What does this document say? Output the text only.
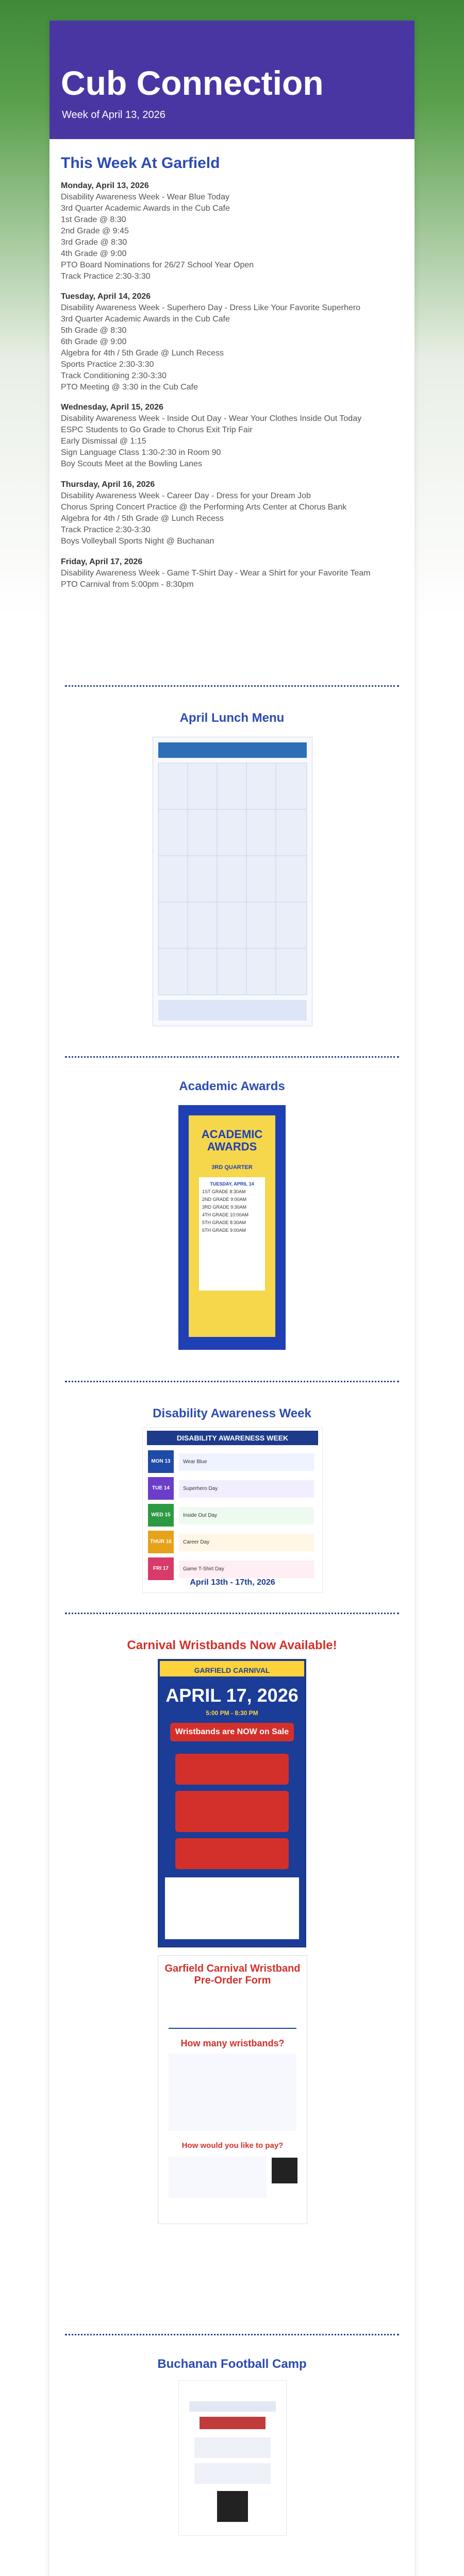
Cub Connection
Week of April 13, 2026
This Week At Garfield
Monday, April 13, 2026
Disability Awareness Week - Wear Blue Today
3rd Quarter Academic Awards in the Cub Cafe
1st Grade @ 8:30
2nd Grade @ 9:45
3rd Grade @ 8:30
4th Grade @ 9:00
PTO Board Nominations for 26/27 School Year Open
Track Practice 2:30-3:30
Tuesday, April 14, 2026
Disability Awareness Week - Superhero Day - Dress Like Your Favorite Superhero
3rd Quarter Academic Awards in the Cub Cafe
5th Grade @ 8:30
6th Grade @ 9:00
Algebra for 4th / 5th Grade @ Lunch Recess
Sports Practice 2:30-3:30
Track Conditioning 2:30-3:30
PTO Meeting @ 3:30 in the Cub Cafe
Wednesday, April 15, 2026
Disability Awareness Week - Inside Out Day - Wear Your Clothes Inside Out Today
ESPC Students to Go Grade to Chorus Exit Trip Fair
Early Dismissal @ 1:15
Sign Language Class 1:30-2:30 in Room 90
Boy Scouts Meet at the Bowling Lanes
Thursday, April 16, 2026
Disability Awareness Week - Career Day - Dress for your Dream Job
Chorus Spring Concert Practice @ the Performing Arts Center at Chorus Bank
Algebra for 4th / 5th Grade @ Lunch Recess
Track Practice 2:30-3:30
Boys Volleyball Sports Night @ Buchanan
Friday, April 17, 2026
Disability Awareness Week - Game T-Shirt Day - Wear a Shirt for your Favorite Team
PTO Carnival from 5:00pm - 8:30pm
April Lunch Menu
Academic Awards
ACADEMIC AWARDS
3RD QUARTER
TUESDAY, APRIL 14
1ST GRADE 8:30AM
2ND GRADE 9:00AM
3RD GRADE 9:30AM
4TH GRADE 10:00AM
5TH GRADE 8:30AM
6TH GRADE 9:00AM
Disability Awareness Week
DISABILITY AWARENESS WEEK
MON 13
TUE 14
WED 15
THUR 16
FRI 17
Wear Blue
Superhero Day
Inside Out Day
Career Day
Game T-Shirt Day
April 13th - 17th, 2026
Carnival Wristbands Now Available!
GARFIELD CARNIVAL
APRIL 17, 2026
5:00 PM - 8:30 PM
Wristbands are NOW on Sale
Garfield Carnival Wristband Pre-Order Form
How many wristbands?
How would you like to pay?
Buchanan Football Camp
